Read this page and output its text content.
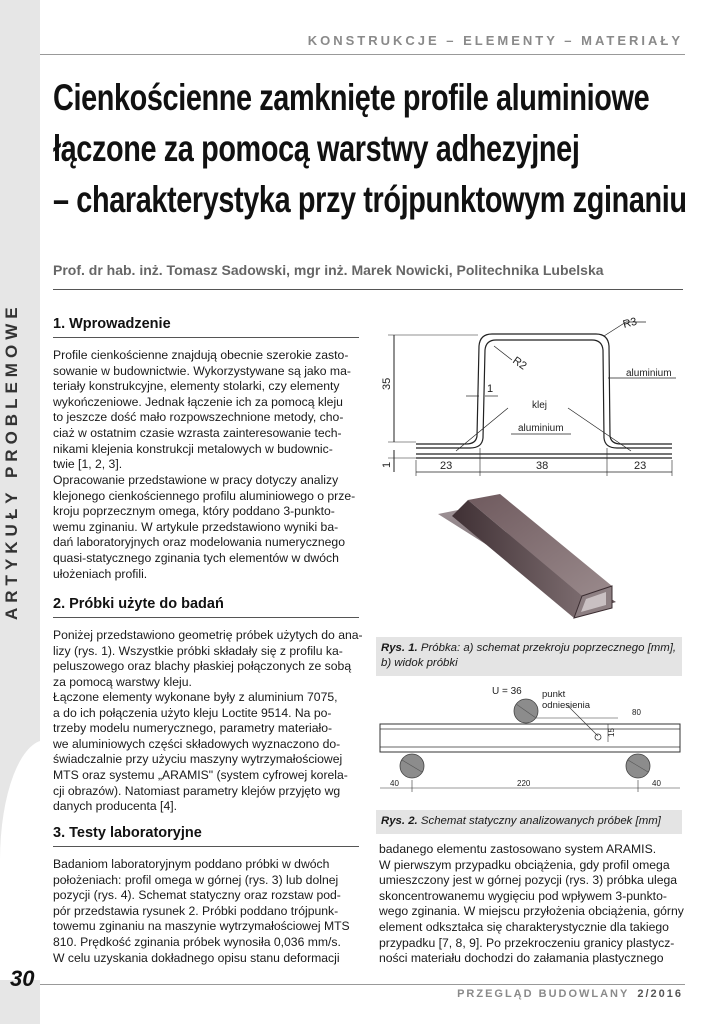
KONSTRUKCJE – ELEMENTY – MATERIAŁY
Cienkościenne zamknięte profile aluminiowe
łączone za pomocą warstwy adhezyjnej
– charakterystyka przy trójpunktowym zginaniu
Prof. dr hab. inż. Tomasz Sadowski, mgr inż. Marek Nowicki, Politechnika Lubelska
1. Wprowadzenie
Profile cienkościenne znajdują obecnie szerokie zasto-
sowanie w budownictwie. Wykorzystywane są jako ma-
teriały konstrukcyjne, elementy stolarki, czy elementy
wykończeniowe. Jednak łączenie ich za pomocą kleju
to jeszcze dość mało rozpowszechnione metody, cho-
ciaż w ostatnim czasie wzrasta zainteresowanie tech-
nikami klejenia konstrukcji metalowych w budownic-
twie [1, 2, 3].
Opracowanie przedstawione w pracy dotyczy analizy
klejonego cienkościennego profilu aluminiowego o prze-
kroju poprzecznym omega, który poddano 3-punkto-
wemu zginaniu. W artykule przedstawiono wyniki ba-
dań laboratoryjnych oraz modelowania numerycznego
quasi-statycznego zginania tych elementów w dwóch
ułożeniach profili.
2. Próbki użyte do badań
Poniżej przedstawiono geometrię próbek użytych do ana-
lizy (rys. 1). Wszystkie próbki składały się z profilu ka-
peluszowego oraz blachy płaskiej połączonych ze sobą
za pomocą warstwy kleju.
Łączone elementy wykonane były z aluminium 7075,
a do ich połączenia użyto kleju Loctite 9514. Na po-
trzeby modelu numerycznego, parametry materiało-
we aluminiowych części składowych wyznaczono do-
świadczalnie przy użyciu maszyny wytrzymałościowej
MTS oraz systemu „ARAMIS" (system cyfrowej korela-
cji obrazów). Natomiast parametry klejów przyjęto wg
danych producenta [4].
3. Testy laboratoryjne
Badaniom laboratoryjnym poddano próbki w dwóch
położeniach: profil omega w górnej (rys. 3) lub dolnej
pozycji (rys. 4). Schemat statyczny oraz rozstaw pod-
pór przedstawia rysunek 2. Próbki poddano trójpunk-
towemu zginaniu na maszynie wytrzymałościowej MTS
810. Prędkość zginania próbek wynosiła 0,036 mm/s.
W celu uzyskania dokładnego opisu stanu deformacji
badanego elementu zastosowano system ARAMIS.
W pierwszym przypadku obciążenia, gdy profil omega
umieszczony jest w górnej pozycji (rys. 3) próbka ulega
skoncentrowanemu wygięciu pod wpływem 3-punkto-
wego zginania. W miejscu przyłożenia obciążenia, górny
element odkształca się charakterystycznie dla takiego
przypadku [7, 8, 9]. Po przekroczeniu granicy plastycz-
ności materiału dochodzi do załamania plastycznego
R3
R2
35
1
1
aluminium
klej
aluminium
23	38	23
Rys. 1. Próbka: a) schemat przekroju poprzecznego [mm], b) widok próbki
U = 36 punkt
odniesienia
80
15
40	220	40
Rys. 2. Schemat statyczny analizowanych próbek [mm]
30
PRZEGLĄD BUDOWLANY 2/2016
